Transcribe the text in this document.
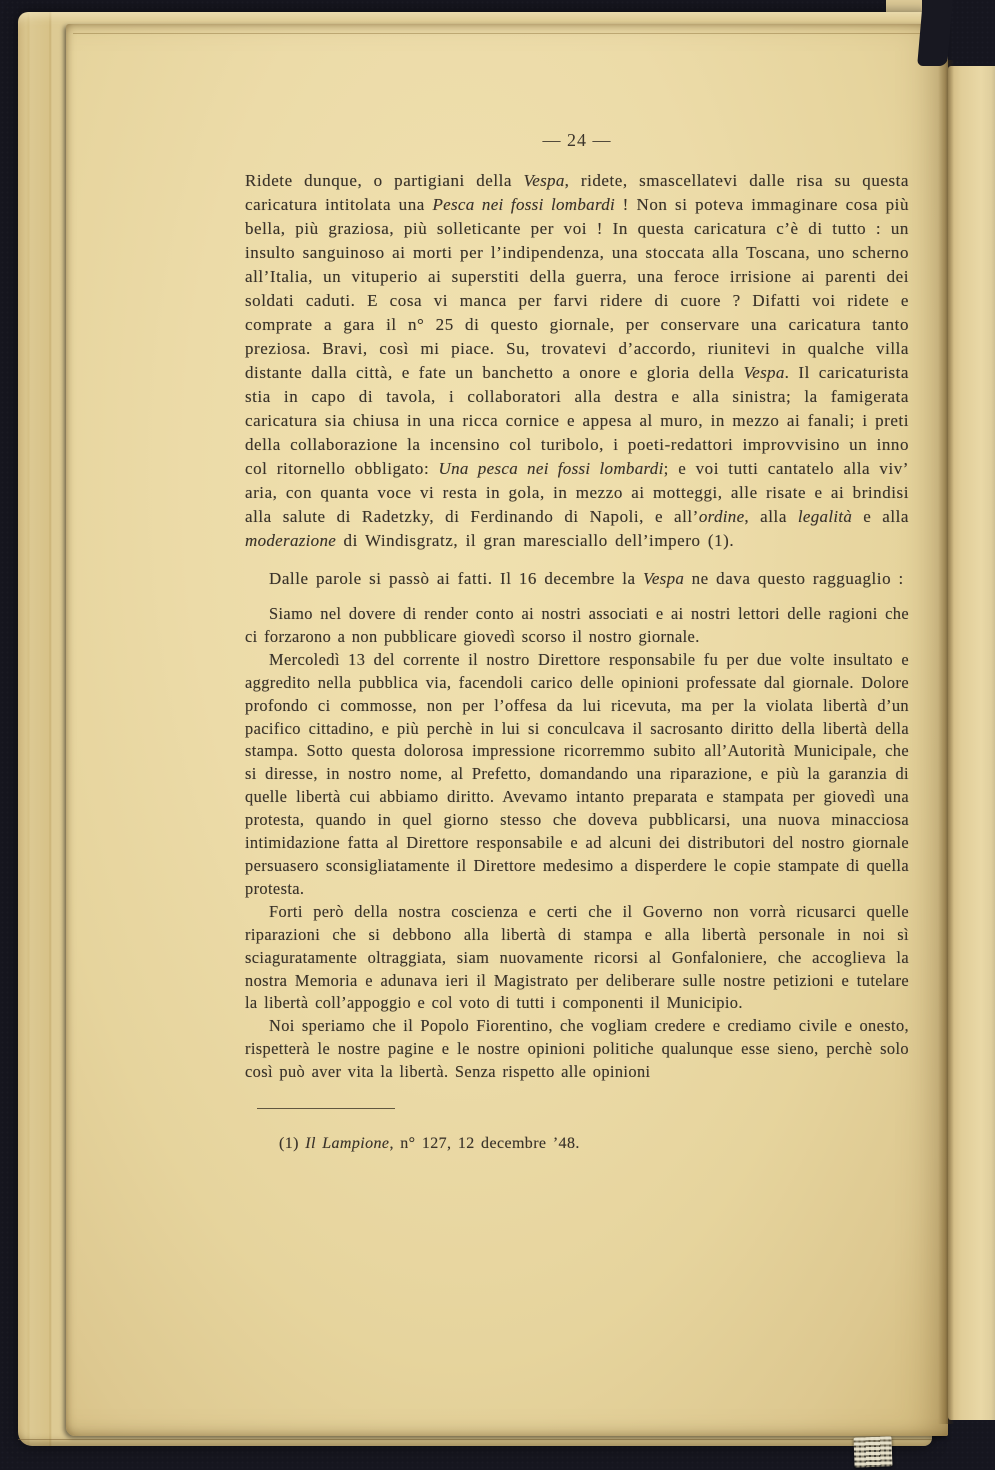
— 24 —

Ridete dunque, o partigiani della Vespa, ridete, smascellatevi dalle risa su questa caricatura intitolata una Pesca nei fossi lombardi ! Non si poteva immaginare cosa più bella, più graziosa, più solleticante per voi ! In questa caricatura c’è di tutto : un insulto sanguinoso ai morti per l’indipendenza, una stoccata alla Toscana, uno scherno all’Italia, un vituperio ai superstiti della guerra, una feroce irrisione ai parenti dei soldati caduti. E cosa vi manca per farvi ridere di cuore ? Difatti voi ridete e comprate a gara il n° 25 di questo giornale, per conservare una caricatura tanto preziosa. Bravi, così mi piace. Su, trovatevi d’accordo, riunitevi in qualche villa distante dalla città, e fate un banchetto a onore e gloria della Vespa. Il caricaturista stia in capo di tavola, i collaboratori alla destra e alla sinistra; la famigerata caricatura sia chiusa in una ricca cornice e appesa al muro, in mezzo ai fanali; i preti della collaborazione la incensino col turibolo, i poeti-redattori improvvisino un inno col ritornello obbligato: Una pesca nei fossi lombardi; e voi tutti cantatelo alla viv’ aria, con quanta voce vi resta in gola, in mezzo ai motteggi, alle risate e ai brindisi alla salute di Radetzky, di Ferdinando di Napoli, e all’ordine, alla legalità e alla moderazione di Windisgratz, il gran maresciallo dell’impero (1).

Dalle parole si passò ai fatti. Il 16 decembre la Vespa ne dava questo ragguaglio :

Siamo nel dovere di render conto ai nostri associati e ai nostri lettori delle ragioni che ci forzarono a non pubblicare giovedì scorso il nostro giornale.

Mercoledì 13 del corrente il nostro Direttore responsabile fu per due volte insultato e aggredito nella pubblica via, facendoli carico delle opinioni professate dal giornale. Dolore profondo ci commosse, non per l’offesa da lui ricevuta, ma per la violata libertà d’un pacifico cittadino, e più perchè in lui si conculcava il sacrosanto diritto della libertà della stampa. Sotto questa dolorosa impressione ricorremmo subito all’Autorità Municipale, che si diresse, in nostro nome, al Prefetto, domandando una riparazione, e più la garanzia di quelle libertà cui abbiamo diritto. Avevamo intanto preparata e stampata per giovedì una protesta, quando in quel giorno stesso che doveva pubblicarsi, una nuova minacciosa intimidazione fatta al Direttore responsabile e ad alcuni dei distributori del nostro giornale persuasero sconsigliatamente il Direttore medesimo a disperdere le copie stampate di quella protesta.

Forti però della nostra coscienza e certi che il Governo non vorrà ricusarci quelle riparazioni che si debbono alla libertà di stampa e alla libertà personale in noi sì sciaguratamente oltraggiata, siam nuovamente ricorsi al Gonfaloniere, che accoglieva la nostra Memoria e adunava ieri il Magistrato per deliberare sulle nostre petizioni e tutelare la libertà coll’appoggio e col voto di tutti i componenti il Municipio.

Noi speriamo che il Popolo Fiorentino, che vogliam credere e crediamo civile e onesto, rispetterà le nostre pagine e le nostre opinioni politiche qualunque esse sieno, perchè solo così può aver vita la libertà. Senza rispetto alle opinioni

(1) Il Lampione, n° 127, 12 decembre ’48.
